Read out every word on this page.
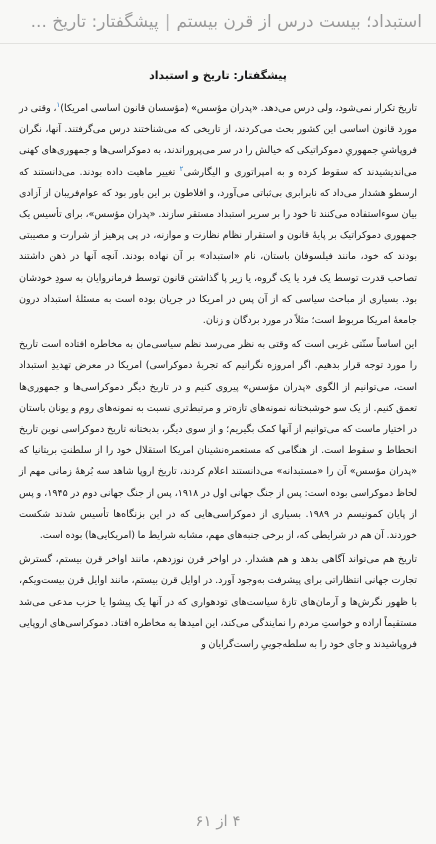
استبداد؛ بیست درس از قرن بیستم|پیشگفتار: تاریخ ...
پیشگفتار: تاریخ و استبداد

تاریخ تکرار نمی‌شود، ولی درس می‌دهد. «پدران مؤسس» (مؤسسان قانون اساسی امریکا)$^۱$، وقتی در مورد قانون اساسی این کشور بحث می‌کردند، از تاریخی که می‌شناختند درس می‌گرفتند. آنها، نگران فروپاشیِ جمهوریِ دموکراتیکی که خیالش را در سر می‌پروراندند، به دموکراسی‌ها و جمهوری‌های کهنی می‌اندیشیدند که سقوط کرده و به امپراتوری و الیگارشی$^۲$ تغییر ماهیت داده بودند. می‌دانستند که ارسطو هشدار می‌داد که نابرابری بی‌ثباتی می‌آورد، و افلاطون بر این باور بود که عوام‌فریبان از آزادی بیان سوءاستفاده می‌کنند تا خود را بر سریر استبداد مستقر سازند. «پدران مؤسس»، برای تأسیس یک جمهوری دموکراتیک بر پایهٔ قانون و استقرار نظام نظارت و موازنه، در پی پرهیز از شرارت و مصیبتی بودند که خود، مانند فیلسوفان باستان، نام «استبداد» بر آن نهاده بودند. آنچه آنها در ذهن داشتند تصاحب قدرت توسط یک فرد یا یک گروه، یا زیر پا گذاشتن قانون توسط فرمانروایان به سودِ خودشان بود. بسیاری از مباحث سیاسی که از آن پس در امریکا در جریان بوده است به مسئلهٔ استبداد درون جامعهٔ امریکا مربوط است؛ مثلاً در مورد بردگان و زنان.

این اساساً سنّتی غربی است که وقتی به نظر می‌رسد نظم سیاسی‌مان به مخاطره افتاده است تاریخ را مورد توجه قرار بدهیم. اگر امروزه نگرانیم که تجربهٔ دموکراسی) امریکا در معرض تهدیدِ استبداد است، می‌توانیم از الگوی «پدران مؤسس» پیروی کنیم و در تاریخ دیگر دموکراسی‌ها و جمهوری‌ها تعمق کنیم. از یک سو خوشبختانه نمونه‌های تازه‌تر و مرتبط‌تری نسبت به نمونه‌های روم و یونان باستان در اختیار ماست که می‌توانیم از آنها کمک بگیریم؛ و از سوی دیگر، بدبختانه تاریخ دموکراسی نوین تاریخ انحطاط و سقوط است. از هنگامی که مستعمره‌نشینان امریکا استقلال خود را از سلطنتِ بریتانیا که «پدران مؤسس» آن را «مستبدانه» می‌دانستند اعلام کردند، تاریخ اروپا شاهد سه بُرههٔ زمانی مهم از لحاظ دموکراسی بوده است: پس از جنگ جهانی اول در ۱۹۱۸، پس از جنگ جهانی دوم در ۱۹۴۵، و پس از پایان کمونیسم در ۱۹۸۹. بسیاری از دموکراسی‌هایی که در این بزنگاه‌ها تأسیس شدند شکست خوردند. آن هم در شرایطی که، از برخی جنبه‌های مهم، مشابه شرایط ما (امریکایی‌ها) بوده است.

تاریخ هم می‌تواند آگاهی بدهد و هم هشدار. در اواخر قرن نوزدهم، مانند اواخر قرن بیستم، گسترش تجارت جهانی انتظاراتی برای پیشرفت به‌وجود آورد. در اوایل قرن بیستم، مانند اوایل قرن بیست‌ویکم، با ظهور نگرش‌ها و آرمان‌های تازهٔ سیاست‌های تودهواری که در آنها یک پیشوا یا حزب مدعی می‌شد مستقیماً اراده و خواستِ مردم را نمایندگی می‌کند، این امیدها به مخاطره افتاد. دموکراسی‌های اروپایی فروپاشیدند و جای خود را به سلطه‌جوییِ راست‌گرایان و

۴ از ۶۱
